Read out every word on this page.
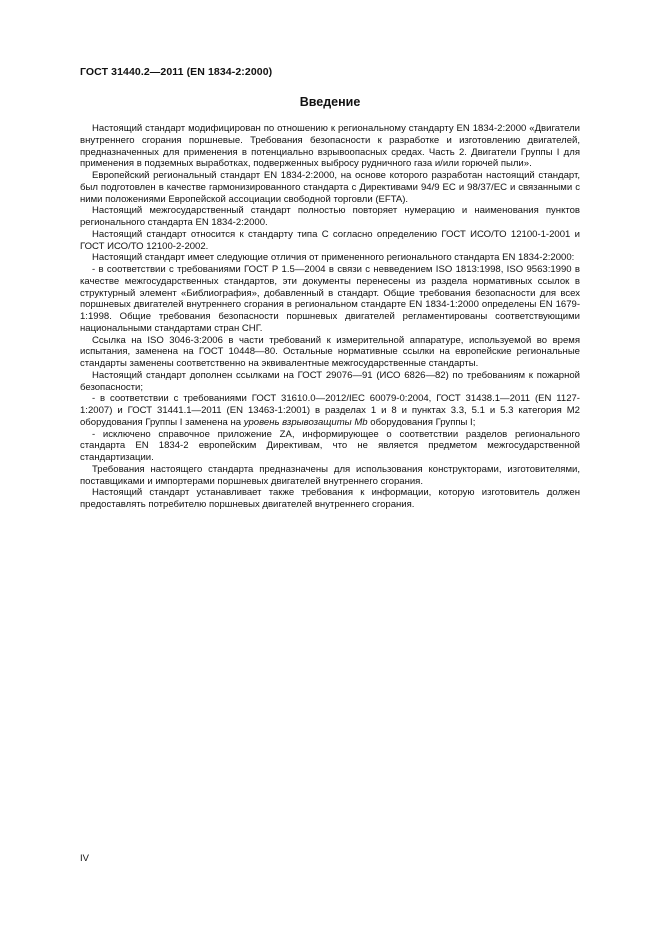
ГОСТ 31440.2—2011 (EN 1834-2:2000)
Введение

Настоящий стандарт модифицирован по отношению к региональному стандарту EN 1834-2:2000 «Двигатели внутреннего сгорания поршневые. Требования безопасности к разработке и изготовлению двигателей, предназначенных для применения в потенциально взрывоопасных средах. Часть 2. Двигатели Группы I для применения в подземных выработках, подверженных выбросу рудничного газа и/или горючей пыли».

Европейский региональный стандарт EN 1834-2:2000, на основе которого разработан настоящий стандарт, был подготовлен в качестве гармонизированного стандарта с Директивами 94/9 EC и 98/37/EC и связанными с ними положениями Европейской ассоциации свободной торговли (EFTA).

Настоящий межгосударственный стандарт полностью повторяет нумерацию и наименования пунктов регионального стандарта EN 1834-2:2000.

Настоящий стандарт относится к стандарту типа С согласно определению ГОСТ ИСО/ТО 12100-1-2001 и ГОСТ ИСО/ТО 12100-2-2002.

Настоящий стандарт имеет следующие отличия от примененного регионального стандарта EN 1834-2:2000:

- в соответствии с требованиями ГОСТ Р 1.5—2004 в связи с невведением ISO 1813:1998, ISO 9563:1990 в качестве межгосударственных стандартов, эти документы перенесены из раздела нормативных ссылок в структурный элемент «Библиография», добавленный в стандарт. Общие требования безопасности для всех поршневых двигателей внутреннего сгорания в региональном стандарте EN 1834-1:2000 определены EN 1679-1:1998. Общие требования безопасности поршневых двигателей регламентированы соответствующими национальными стандартами стран СНГ.

Ссылка на ISO 3046-3:2006 в части требований к измерительной аппаратуре, используемой во время испытания, заменена на ГОСТ 10448—80. Остальные нормативные ссылки на европейские региональные стандарты заменены соответственно на эквивалентные межгосударственные стандарты.

Настоящий стандарт дополнен ссылками на ГОСТ 29076—91 (ИСО 6826—82) по требованиям к пожарной безопасности;

- в соответствии с требованиями ГОСТ 31610.0—2012/IEC 60079-0:2004, ГОСТ 31438.1—2011 (EN 1127-1:2007) и ГОСТ 31441.1—2011 (EN 13463-1:2001) в разделах 1 и 8 и пунктах 3.3, 5.1 и 5.3 категория M2 оборудования Группы I заменена на уровень взрывозащиты Mb оборудования Группы I;

- исключено справочное приложение ZA, информирующее о соответствии разделов регионального стандарта EN 1834-2 европейским Директивам, что не является предметом межгосударственной стандартизации.

Требования настоящего стандарта предназначены для использования конструкторами, изготовителями, поставщиками и импортерами поршневых двигателей внутреннего сгорания.

Настоящий стандарт устанавливает также требования к информации, которую изготовитель должен предоставлять потребителю поршневых двигателей внутреннего сгорания.

IV
